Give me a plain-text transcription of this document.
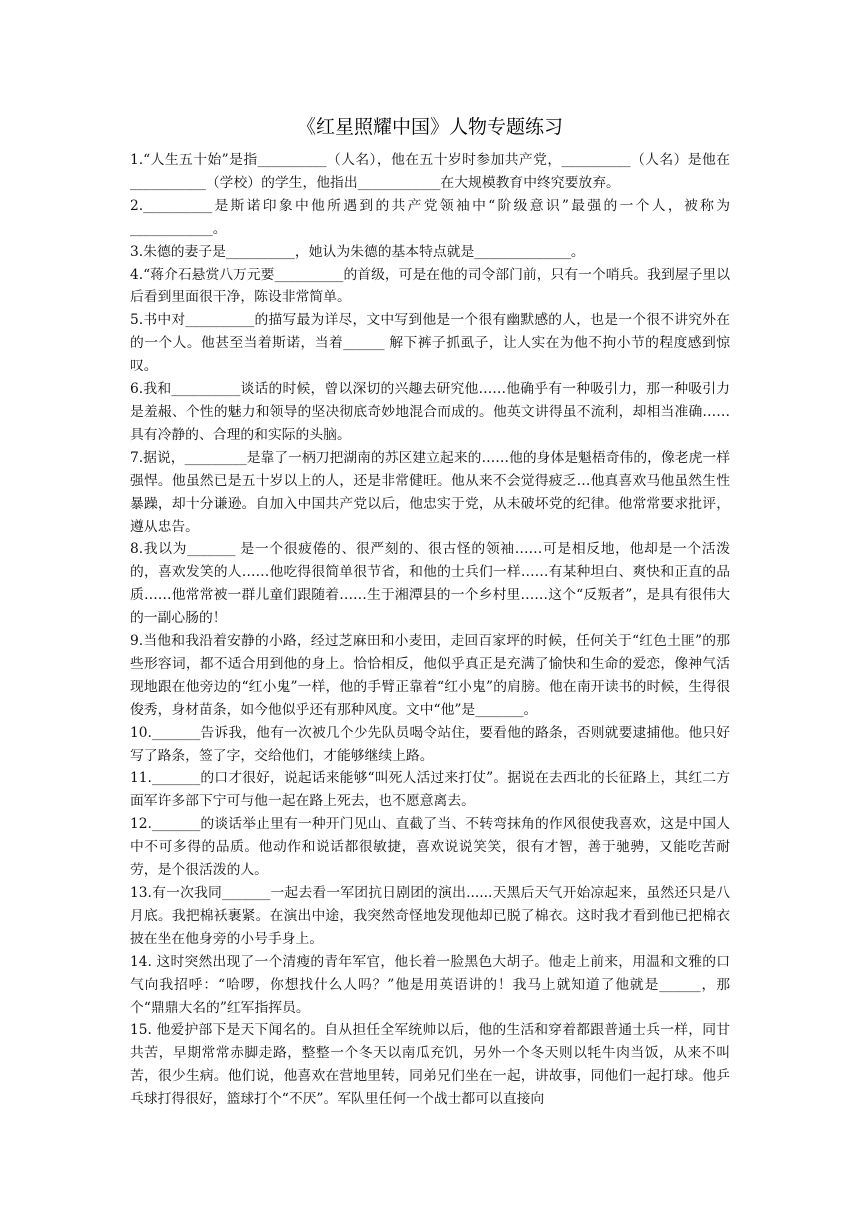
《红星照耀中国》人物专题练习

1.“人生五十始”是指__________（人名），他在五十岁时参加共产党，__________（人名）是他在___________（学校）的学生，他指出____________在大规模教育中终究要放弃。

2.__________是斯诺印象中他所遇到的共产党领袖中“阶级意识”最强的一个人，被称为____________。

3.朱德的妻子是__________，她认为朱德的基本特点就是______________。

4.“蒋介石悬赏八万元要__________的首级，可是在他的司令部门前，只有一个哨兵。我到屋子里以后看到里面很干净，陈设非常简单。

5.书中对__________的描写最为详尽，文中写到他是一个很有幽默感的人，也是一个很不讲究外在的一个人。他甚至当着斯诺，当着______ 解下裤子抓虱子，让人实在为他不拘小节的程度感到惊叹。

6.我和__________谈话的时候，曾以深切的兴趣去研究他……他确乎有一种吸引力，那一种吸引力是羞赧、个性的魅力和领导的坚决彻底奇妙地混合而成的。他英文讲得虽不流利，却相当准确……具有冷静的、合理的和实际的头脑。

7.据说，_________是靠了一柄刀把湖南的苏区建立起来的……他的身体是魁梧奇伟的，像老虎一样强悍。他虽然已是五十岁以上的人，还是非常健旺。他从来不会觉得疲乏…他真喜欢马他虽然生性暴躁，却十分谦逊。自加入中国共产党以后，他忠实于党，从未破坏党的纪律。他常常要求批评，遵从忠告。

8.我以为_______ 是一个很疲倦的、很严刻的、很古怪的领袖……可是相反地，他却是一个活泼的，喜欢发笑的人……他吃得很简单很节省，和他的士兵们一样……有某种坦白、爽快和正直的品质……他常常被一群儿童们跟随着……生于湘潭县的一个乡村里……这个“反叛者”，是具有很伟大的一副心肠的！

9.当他和我沿着安静的小路，经过芝麻田和小麦田，走回百家坪的时候，任何关于“红色土匪”的那些形容词，都不适合用到他的身上。恰恰相反，他似乎真正是充满了愉快和生命的爱恋，像神气活现地跟在他旁边的“红小鬼”一样，他的手臂正靠着“红小鬼”的肩膀。他在南开读书的时候，生得很俊秀，身材苗条，如今他似乎还有那种风度。文中“他”是_______。

10._______告诉我，他有一次被几个少先队员喝令站住，要看他的路条，否则就要逮捕他。他只好写了路条，签了字，交给他们，才能够继续上路。

11._______的口才很好，说起话来能够“叫死人活过来打仗”。据说在去西北的长征路上，其红二方面军许多部下宁可与他一起在路上死去，也不愿意离去。

12._______的谈话举止里有一种开门见山、直截了当、不转弯抹角的作风很使我喜欢，这是中国人中不可多得的品质。他动作和说话都很敏捷，喜欢说说笑笑，很有才智，善于驰骋，又能吃苦耐劳，是个很活泼的人。

13.有一次我同_______一起去看一军团抗日剧团的演出......天黑后天气开始凉起来，虽然还只是八月底。我把棉袄裹紧。在演出中途，我突然奇怪地发现他却已脱了棉衣。这时我才看到他已把棉衣披在坐在他身旁的小号手身上。

14. 这时突然出现了一个清瘦的青年军官，他长着一脸黑色大胡子。他走上前来，用温和文雅的口气向我招呼：“哈啰，你想找什么人吗？”他是用英语讲的！我马上就知道了他就是______，那个“鼎鼎大名的”红军指挥员。

15. 他爱护部下是天下闻名的。自从担任全军统帅以后，他的生活和穿着都跟普通士兵一样，同甘共苦，早期常常赤脚走路，整整一个冬天以南瓜充饥，另外一个冬天则以牦牛肉当饭，从来不叫苦，很少生病。他们说，他喜欢在营地里转，同弟兄们坐在一起，讲故事，同他们一起打球。他乒乓球打得很好，篮球打个“不厌”。军队里任何一个战士都可以直接向
